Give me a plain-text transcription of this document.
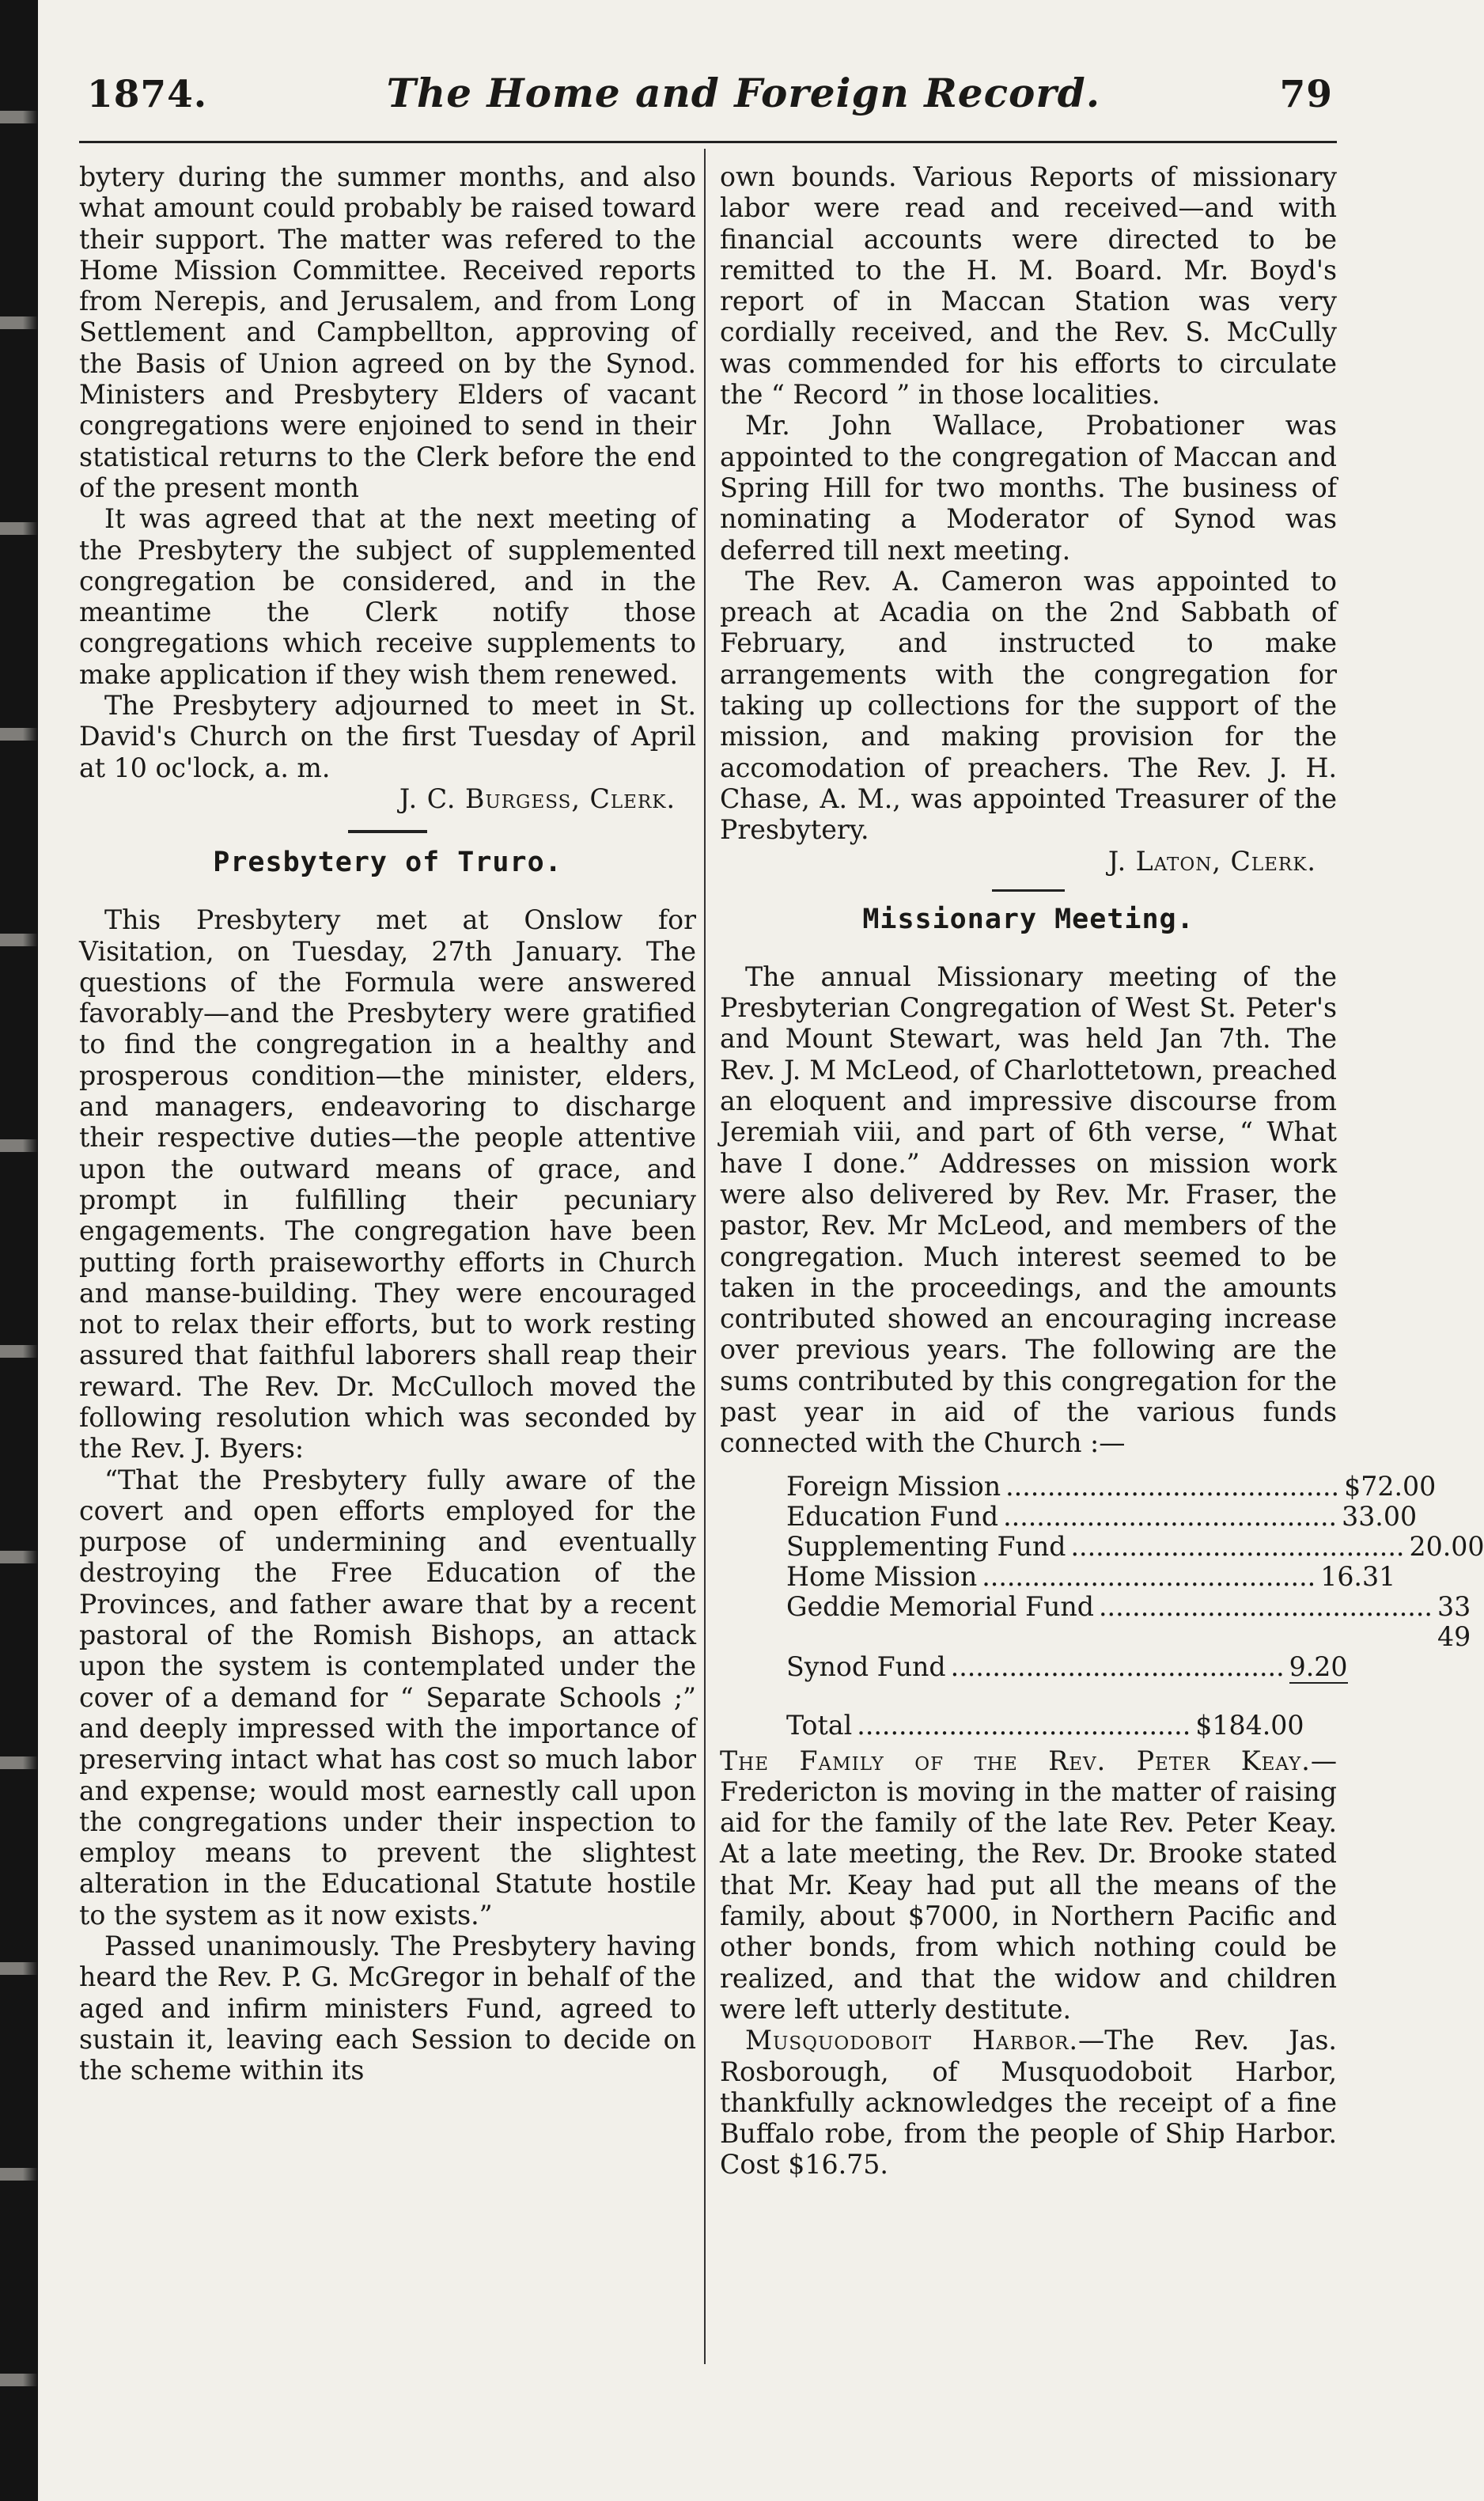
1874.	The Home and Foreign Record.	79

bytery during the summer months, and also what amount could probably be raised toward their support. The matter was refered to the Home Mission Committee. Received reports from Nerepis, and Jerusalem, and from Long Settlement and Campbellton, approving of the Basis of Union agreed on by the Synod. Ministers and Presbytery Elders of vacant congregations were enjoined to send in their statistical returns to the Clerk before the end of the present month

It was agreed that at the next meeting of the Presbytery the subject of supplemented congregation be considered, and in the meantime the Clerk notify those congregations which receive supplements to make application if they wish them renewed.

The Presbytery adjourned to meet in St. David's Church on the first Tuesday of April at 10 oc'lock, a. m.

J. C. Burgess, Clerk.

Presbytery of Truro.

This Presbytery met at Onslow for Visitation, on Tuesday, 27th January. The questions of the Formula were answered favorably—and the Presbytery were gratified to find the congregation in a healthy and prosperous condition—the minister, elders, and managers, endeavoring to discharge their respective duties—the people attentive upon the outward means of grace, and prompt in fulfilling their pecuniary engagements. The congregation have been putting forth praiseworthy efforts in Church and manse-building. They were encouraged not to relax their efforts, but to work resting assured that faithful laborers shall reap their reward. The Rev. Dr. McCulloch moved the following resolution which was seconded by the Rev. J. Byers:

“That the Presbytery fully aware of the covert and open efforts employed for the purpose of undermining and eventually destroying the Free Education of the Provinces, and father aware that by a recent pastoral of the Romish Bishops, an attack upon the system is contemplated under the cover of a demand for “ Separate Schools ;” and deeply impressed with the importance of preserving intact what has cost so much labor and expense; would most earnestly call upon the congregations under their inspection to employ means to prevent the slightest alteration in the Educational Statute hostile to the system as it now exists.”

Passed unanimously. The Presbytery having heard the Rev. P. G. McGregor in behalf of the aged and infirm ministers Fund, agreed to sustain it, leaving each Session to decide on the scheme within its

own bounds. Various Reports of missionary labor were read and received—and with financial accounts were directed to be remitted to the H. M. Board. Mr. Boyd's report of in Maccan Station was very cordially received, and the Rev. S. McCully was commended for his efforts to circulate the “ Record ” in those localities.

Mr. John Wallace, Probationer was appointed to the congregation of Maccan and Spring Hill for two months. The business of nominating a Moderator of Synod was deferred till next meeting.

The Rev. A. Cameron was appointed to preach at Acadia on the 2nd Sabbath of February, and instructed to make arrangements with the congregation for taking up collections for the support of the mission, and making provision for the accomodation of preachers. The Rev. J. H. Chase, A. M., was appointed Treasurer of the Presbytery.

J. Laton, Clerk.

Missionary Meeting.

The annual Missionary meeting of the Presbyterian Congregation of West St. Peter's and Mount Stewart, was held Jan 7th. The Rev. J. M McLeod, of Charlottetown, preached an eloquent and impressive discourse from Jeremiah viii, and part of 6th verse, “ What have I done.” Addresses on mission work were also delivered by Rev. Mr. Fraser, the pastor, Rev. Mr McLeod, and members of the congregation. Much interest seemed to be taken in the proceedings, and the amounts contributed showed an encouraging increase over previous years. The following are the sums contributed by this congregation for the past year in aid of the various funds connected with the Church :—

Foreign Mission ........................................ $72.00
Education Fund ........................................ 33.00
Supplementing Fund ........................................ 20.00
Home Mission ........................................ 16.31
Geddie Memorial Fund ........................................ 33 49
Synod Fund ........................................ 9.20
Total ........................................ $184.00

The Family of the Rev. Peter Keay.—Fredericton is moving in the matter of raising aid for the family of the late Rev. Peter Keay. At a late meeting, the Rev. Dr. Brooke stated that Mr. Keay had put all the means of the family, about $7000, in Northern Pacific and other bonds, from which nothing could be realized, and that the widow and children were left utterly destitute.

Musquodoboit Harbor.—The Rev. Jas. Rosborough, of Musquodoboit Harbor, thankfully acknowledges the receipt of a fine Buffalo robe, from the people of Ship Harbor. Cost $16.75.
